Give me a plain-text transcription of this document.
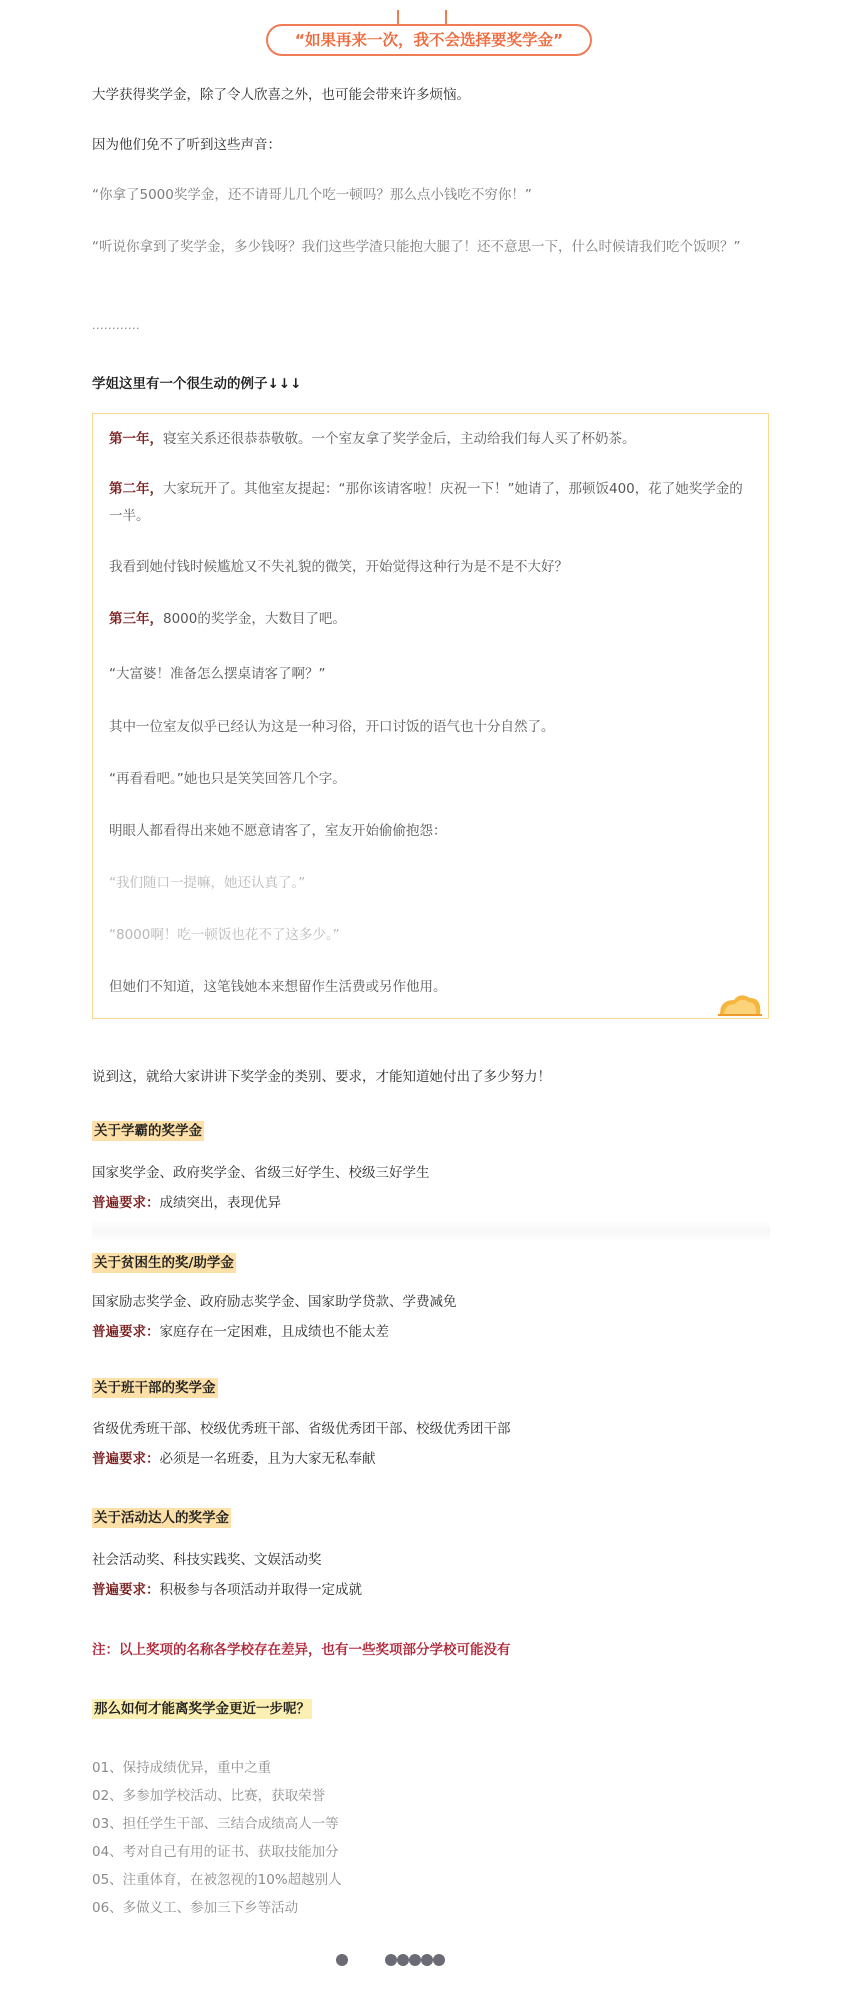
“如果再来一次，我不会选择要奖学金”

大学获得奖学金，除了令人欣喜之外，也可能会带来许多烦恼。

因为他们免不了听到这些声音：

“你拿了5000奖学金，还不请哥儿几个吃一顿吗？那么点小钱吃不穷你！”

“听说你拿到了奖学金，多少钱呀？我们这些学渣只能抱大腿了！还不意思一下，什么时候请我们吃个饭呗？”

............

学姐这里有一个很生动的例子↓↓↓

第一年，寝室关系还很恭恭敬敬。一个室友拿了奖学金后，主动给我们每人买了杯奶茶。

第二年，大家玩开了。其他室友提起：“那你该请客啦！庆祝一下！”她请了，那顿饭400，花了她奖学金的一半。

我看到她付钱时候尴尬又不失礼貌的微笑，开始觉得这种行为是不是不大好？

第三年，8000的奖学金，大数目了吧。

“大富婆！准备怎么摆桌请客了啊？”

其中一位室友似乎已经认为这是一种习俗，开口讨饭的语气也十分自然了。

“再看看吧。”她也只是笑笑回答几个字。

明眼人都看得出来她不愿意请客了，室友开始偷偷抱怨：

“我们随口一提嘛，她还认真了。”

“8000啊！吃一顿饭也花不了这多少。”

但她们不知道，这笔钱她本来想留作生活费或另作他用。

说到这，就给大家讲讲下奖学金的类别、要求，才能知道她付出了多少努力！

关于学霸的奖学金

国家奖学金、政府奖学金、省级三好学生、校级三好学生

普遍要求：成绩突出，表现优异

关于贫困生的奖/助学金

国家励志奖学金、政府励志奖学金、国家助学贷款、学费减免

普遍要求：家庭存在一定困难，且成绩也不能太差

关于班干部的奖学金

省级优秀班干部、校级优秀班干部、省级优秀团干部、校级优秀团干部

普遍要求：必须是一名班委，且为大家无私奉献

关于活动达人的奖学金

社会活动奖、科技实践奖、文娱活动奖

普遍要求：积极参与各项活动并取得一定成就

注：以上奖项的名称各学校存在差异，也有一些奖项部分学校可能没有

那么如何才能离奖学金更近一步呢？
01、保持成绩优异，重中之重
02、多参加学校活动、比赛，获取荣誉
03、担任学生干部、三结合成绩高人一等
04、考对自己有用的证书、获取技能加分
05、注重体育，在被忽视的10%超越别人
06、多做义工、参加三下乡等活动
